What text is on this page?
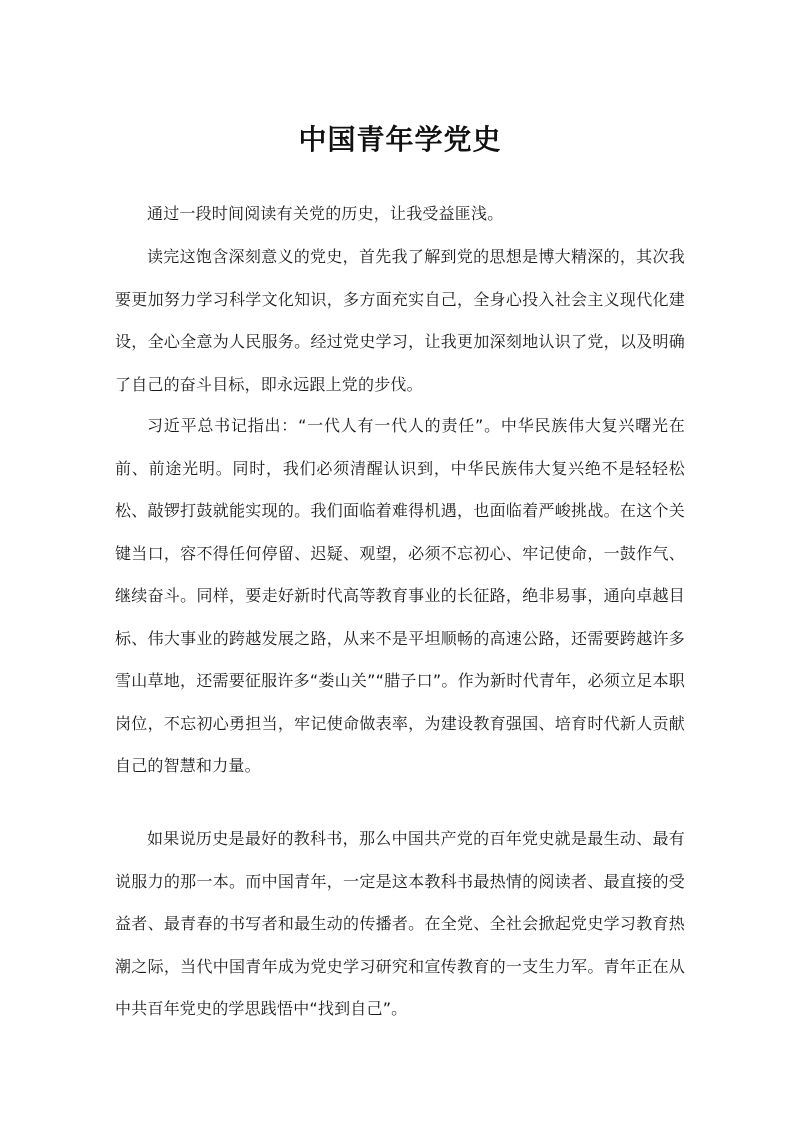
中国青年学党史

通过一段时间阅读有关党的历史，让我受益匪浅。

读完这饱含深刻意义的党史，首先我了解到党的思想是博大精深的，其次我要更加努力学习科学文化知识，多方面充实自己，全身心投入社会主义现代化建设，全心全意为人民服务。经过党史学习，让我更加深刻地认识了党，以及明确了自己的奋斗目标，即永远跟上党的步伐。

习近平总书记指出：“一代人有一代人的责任”。中华民族伟大复兴曙光在前、前途光明。同时，我们必须清醒认识到，中华民族伟大复兴绝不是轻轻松松、敲锣打鼓就能实现的。我们面临着难得机遇，也面临着严峻挑战。在这个关键当口，容不得任何停留、迟疑、观望，必须不忘初心、牢记使命，一鼓作气、继续奋斗。同样，要走好新时代高等教育事业的长征路，绝非易事，通向卓越目标、伟大事业的跨越发展之路，从来不是平坦顺畅的高速公路，还需要跨越许多雪山草地，还需要征服许多“娄山关”“腊子口”。作为新时代青年，必须立足本职岗位，不忘初心勇担当，牢记使命做表率，为建设教育强国、培育时代新人贡献自己的智慧和力量。

如果说历史是最好的教科书，那么中国共产党的百年党史就是最生动、最有说服力的那一本。而中国青年，一定是这本教科书最热情的阅读者、最直接的受益者、最青春的书写者和最生动的传播者。在全党、全社会掀起党史学习教育热潮之际，当代中国青年成为党史学习研究和宣传教育的一支生力军。青年正在从中共百年党史的学思践悟中“找到自己”。
